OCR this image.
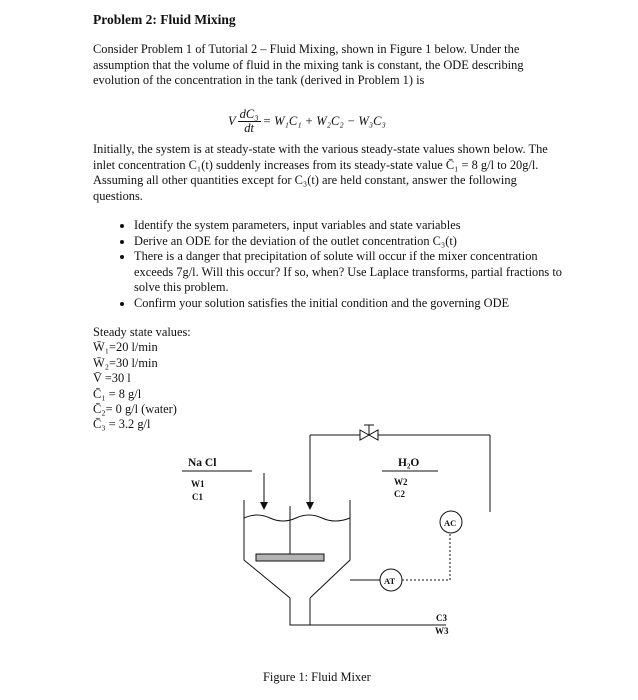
Problem 2: Fluid Mixing
Consider Problem 1 of Tutorial 2 – Fluid Mixing, shown in Figure 1 below. Under the assumption that the volume of fluid in the mixing tank is constant, the ODE describing evolution of the concentration in the tank (derived in Problem 1) is
V $\frac{\text{dC₃}}{dt} = W_1C_1 + W_2C_2 - W_3C_3$
Initially, the system is at steady-state with the various steady-state values shown below. The inlet concentration C₁(t) suddenly increases from its steady-state value C̄₁ = 8 g/l to 20g/l. Assuming all other quantities except for C₃(t) are held constant, answer the following questions.
• Identify the system parameters, input variables and state variables
• Derive an ODE for the deviation of the outlet concentration C₃(t)
• There is a danger that precipitation of solute will occur if the mixer concentration exceeds 7g/l. Will this occur? If so, when? Use Laplace transforms, partial fractions to solve this problem.
• Confirm your solution satisfies the initial condition and the governing ODE
Steady state values:
W̄₁=20 l/min
W̄₂=30 l/min
V̄ =30 l
C̄₁ = 8 g/l
C̄₂= 0 g/l (water)
C̄₃ = 3.2 g/l
Na Cl
W1
C1
H₂O
W2
C2
AC
AT
C3
W3
Figure 1: Fluid Mixer
